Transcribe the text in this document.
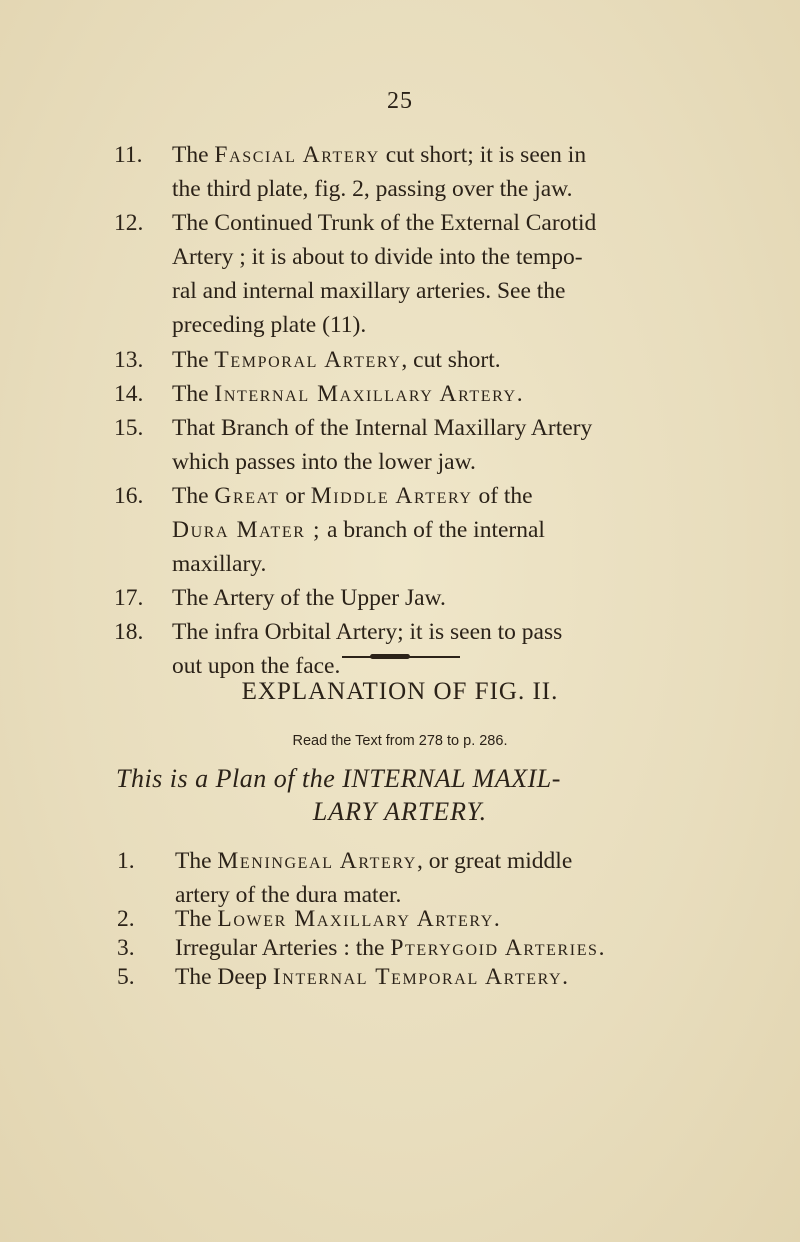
25
11.	The Fascial Artery cut short; it is seen in
the third plate, fig. 2, passing over the jaw.
12.	The Continued Trunk of the External Carotid
Artery ; it is about to divide into the tempo-
ral and internal maxillary arteries. See the
preceding plate (11).
13.	The Temporal Artery, cut short.
14.	The Internal Maxillary Artery.
15.	That Branch of the Internal Maxillary Artery
which passes into the lower jaw.
16.	The Great or Middle Artery of the
Dura Mater ; a branch of the internal
maxillary.
17.	The Artery of the Upper Jaw.
18.	The infra Orbital Artery; it is seen to pass
out upon the face.
EXPLANATION OF FIG. II.
Read the Text from 278 to p. 286.
This is a Plan of the INTERNAL MAXIL-
LARY ARTERY.
1.	The Meningeal Artery, or great middle
artery of the dura mater.
2.	The Lower Maxillary Artery.
3.	Irregular Arteries : the Pterygoid Arteries.
5.	The Deep Internal Temporal Artery.
